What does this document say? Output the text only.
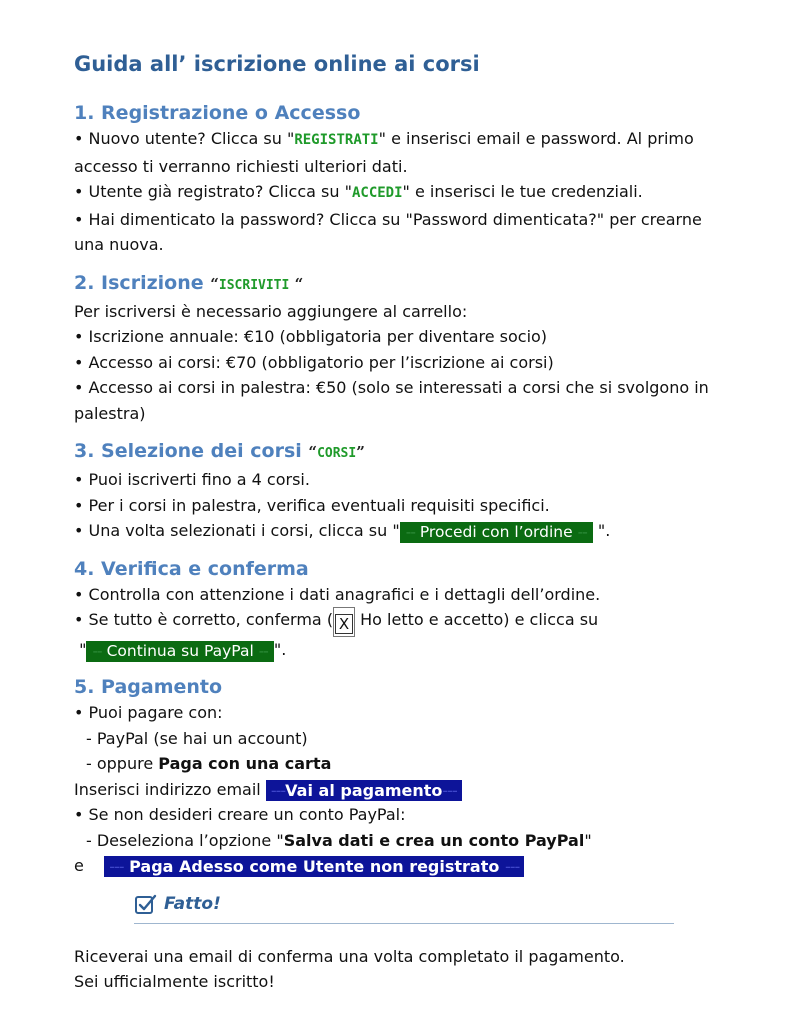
Guida all’ iscrizione online ai corsi
1. Registrazione o Accesso

• Nuovo utente? Clicca su "REGISTRATI" e inserisci email e password. Al primo accesso ti verranno richiesti ulteriori dati.

• Utente già registrato? Clicca su "ACCEDI" e inserisci le tue credenziali.

• Hai dimenticato la password? Clicca su "Password dimenticata?" per crearne una nuova.

2. Iscrizione “ISCRIVITI “

Per iscriversi è necessario aggiungere al carrello:

• Iscrizione annuale: €10 (obbligatoria per diventare socio)

• Accesso ai corsi: €70 (obbligatorio per l’iscrizione ai corsi)

• Accesso ai corsi in palestra: €50 (solo se interessati a corsi che si svolgono in palestra)

3. Selezione dei corsi “CORSI”

• Puoi iscriverti fino a 4 corsi.

• Per i corsi in palestra, verifica eventuali requisiti specifici.

• Una volta selezionati i corsi, clicca su " -- Procedi con l’ordine -- ".

4. Verifica e conferma

• Controlla con attenzione i dati anagrafici e i dettagli dell’ordine.

• Se tutto è corretto, conferma ( X Ho letto e accetto) e clicca su

" -- Continua su PayPal -- ".

5. Pagamento

• Puoi pagare con:

- PayPal (se hai un account)

- oppure Paga con una carta

Inserisci indirizzo email ---Vai al pagamento---

• Se non desideri creare un conto PayPal:

- Deseleziona l’opzione "Salva dati e crea un conto PayPal"

e    --- Paga Adesso come Utente non registrato ---

Fatto!

Riceverai una email di conferma una volta completato il pagamento.

Sei ufficialmente iscritto!
